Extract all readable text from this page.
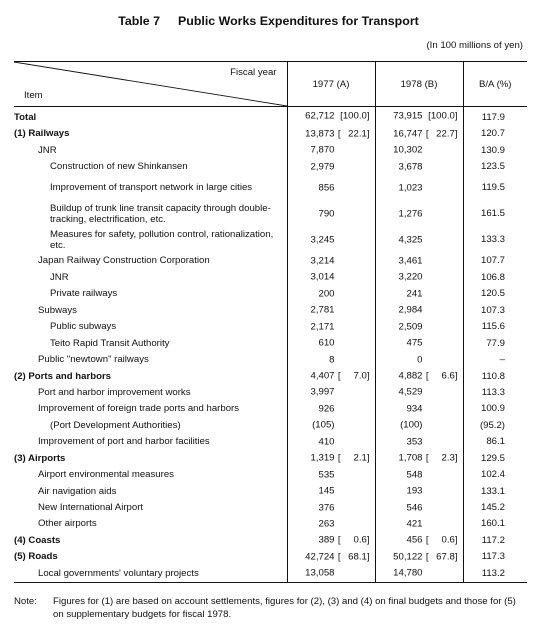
Table 7 Public Works Expenditures for Transport
(In 100 millions of yen)
Fiscal year
Item	1977 (A)	1978 (B)	B/A (%)
Total	62,712 [100.0]	73,915 [100.0]	117.9
(1) Railways	13,873 [ 22.1]	16,747 [ 22.7]	120.7
JNR	7,870	10,302	130.9
Construction of new Shinkansen	2,979	3,678	123.5
Improvement of transport network in large cities	856	1,023	119.5
Buildup of trunk line transit capacity through double-tracking, electrification, etc.	790	1,276	161.5
Measures for safety, pollution control, rationalization, etc.	3,245	4,325	133.3
Japan Railway Construction Corporation	3,214	3,461	107.7
JNR	3,014	3,220	106.8
Private railways	200	241	120.5
Subways	2,781	2,984	107.3
Public subways	2,171	2,509	115.6
Teito Rapid Transit Authority	610	475	77.9
Public "newtown" railways	8	0	–
(2) Ports and harbors	4,407 [ 7.0]	4,882 [ 6.6]	110.8
Port and harbor improvement works	3,997	4,529	113.3
Improvement of foreign trade ports and harbors	926	934	100.9
(Port Development Authorities)	(105)	(100)	(95.2)
Improvement of port and harbor facilities	410	353	86.1
(3) Airports	1,319 [ 2.1]	1,708 [ 2.3]	129.5
Airport environmental measures	535	548	102.4
Air navigation aids	145	193	133.1
New International Airport	376	546	145.2
Other airports	263	421	160.1
(4) Coasts	389 [ 0.6]	456 [ 0.6]	117.2
(5) Roads	42,724 [ 68.1]	50,122 [ 67.8]	117.3
Local governments' voluntary projects	13,058	14,780	113.2
Note: Figures for (1) are based on account settlements, figures for (2), (3) and (4) on final budgets and those for (5) on supplementary budgets for fiscal 1978.
